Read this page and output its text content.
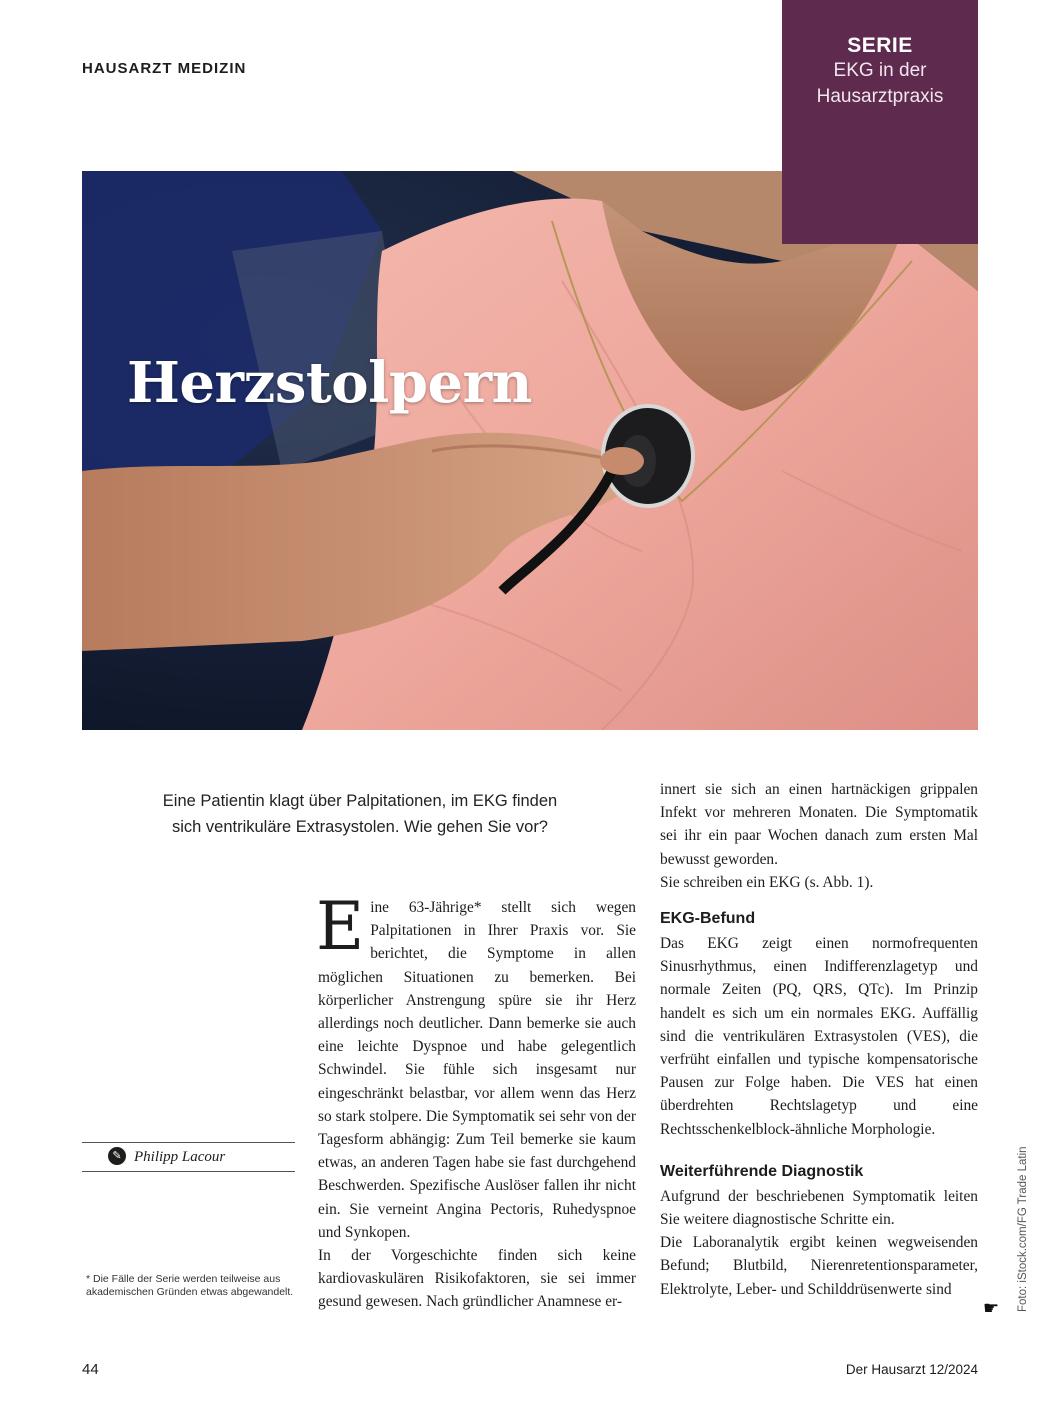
HAUSARZT MEDIZIN
SERIE
EKG in der
Hausarztpraxis
Herzstolpern
Eine Patientin klagt über Palpitationen, im EKG finden
sich ventrikuläre Extrasystolen. Wie gehen Sie vor?

Eine 63-Jährige* stellt sich wegen Palpitationen in Ihrer Praxis vor. Sie berichtet, die Symptome in allen möglichen Situationen zu bemerken. Bei körperlicher Anstrengung spüre sie ihr Herz allerdings noch deutlicher. Dann bemerke sie auch eine leichte Dyspnoe und habe gelegentlich Schwindel. Sie fühle sich insgesamt nur eingeschränkt belastbar, vor allem wenn das Herz so stark stolpere. Die Symptomatik sei sehr von der Tagesform abhängig: Zum Teil bemerke sie kaum etwas, an anderen Tagen habe sie fast durchgehend Beschwerden. Spezifische Auslöser fallen ihr nicht ein. Sie verneint Angina Pectoris, Ruhedyspnoe und Synkopen.

In der Vorgeschichte finden sich keine kardiovaskulären Risikofaktoren, sie sei immer gesund gewesen. Nach gründlicher Anamnese er-

innert sie sich an einen hartnäckigen grippalen Infekt vor mehreren Monaten. Die Symptomatik sei ihr ein paar Wochen danach zum ersten Mal bewusst geworden.

Sie schreiben ein EKG (s. Abb. 1).

EKG-Befund

Das EKG zeigt einen normofrequenten Sinusrhythmus, einen Indifferenzlagetyp und normale Zeiten (PQ, QRS, QTc). Im Prinzip handelt es sich um ein normales EKG. Auffällig sind die ventrikulären Extrasystolen (VES), die verfrüht einfallen und typische kompensatorische Pausen zur Folge haben. Die VES hat einen überdrehten Rechtslagetyp und eine Rechtsschenkelblock-ähnliche Morphologie.

Weiterführende Diagnostik

Aufgrund der beschriebenen Symptomatik leiten Sie weitere diagnostische Schritte ein.

Die Laboranalytik ergibt keinen wegweisenden Befund; Blutbild, Nierenretentionsparameter, Elektrolyte, Leber- und Schilddrüsenwerte sind

✎ Philipp Lacour
* Die Fälle der Serie werden teilweise aus akademischen Gründen etwas abgewandelt.	Foto: iStock.com/FG Trade Latin
☛
44	Der Hausarzt 12/2024
